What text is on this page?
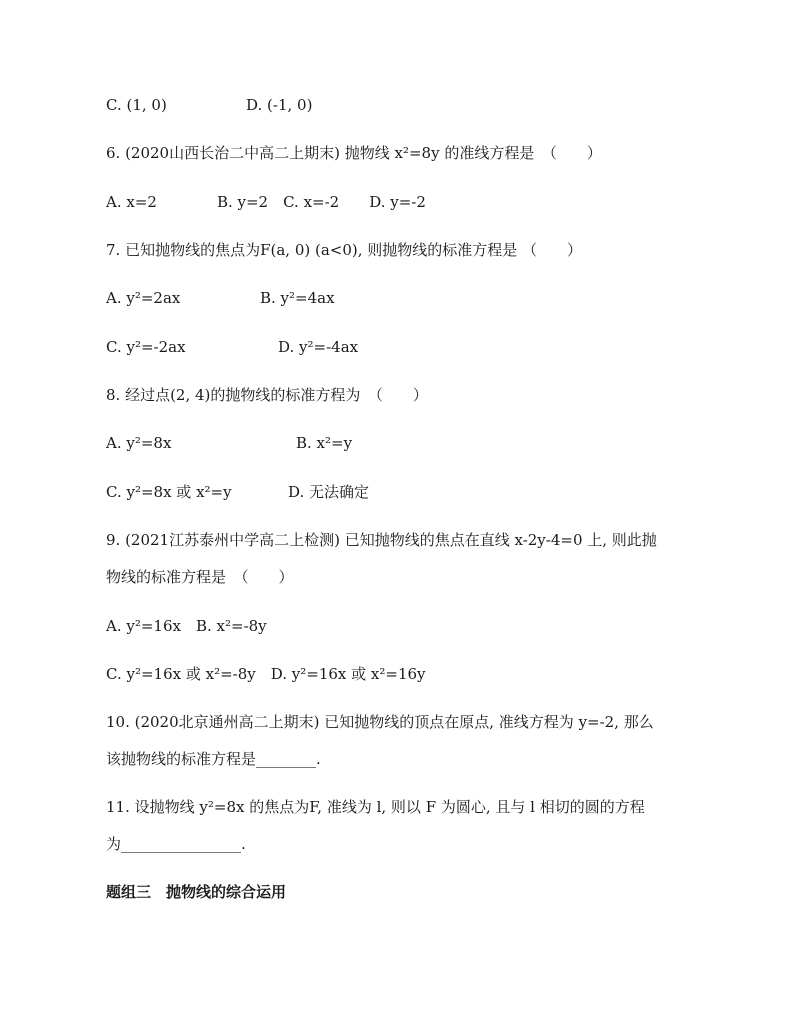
C. (1, 0)	D. (-1, 0)
6. (2020山西长治二中高二上期末) 抛物线 x²=8y 的准线方程是　（　　）
A. x=2　　　　B. y=2　C. x=-2　　D. y=-2
7. 已知抛物线的焦点为F(a, 0) (a<0), 则抛物线的标准方程是 （　　）
A. y²=2ax	B. y²=4ax
C. y²=-2ax	D. y²=-4ax
8. 经过点(2, 4)的抛物线的标准方程为　（　　）
A. y²=8x	B. x²=y
C. y²=8x 或 x²=y	D. 无法确定
9. (2021江苏泰州中学高二上检测) 已知抛物线的焦点在直线 x-2y-4=0 上, 则此抛
物线的标准方程是　（　　）
A. y²=16x　B. x²=-8y
C. y²=16x 或 x²=-8y　D. y²=16x 或 x²=16y
10. (2020北京通州高二上期末) 已知抛物线的顶点在原点, 准线方程为 y=-2, 那么
该抛物线的标准方程是________.
11. 设抛物线 y²=8x 的焦点为F, 准线为 l, 则以 F 为圆心, 且与 l 相切的圆的方程
为________________.
题组三　抛物线的综合运用
